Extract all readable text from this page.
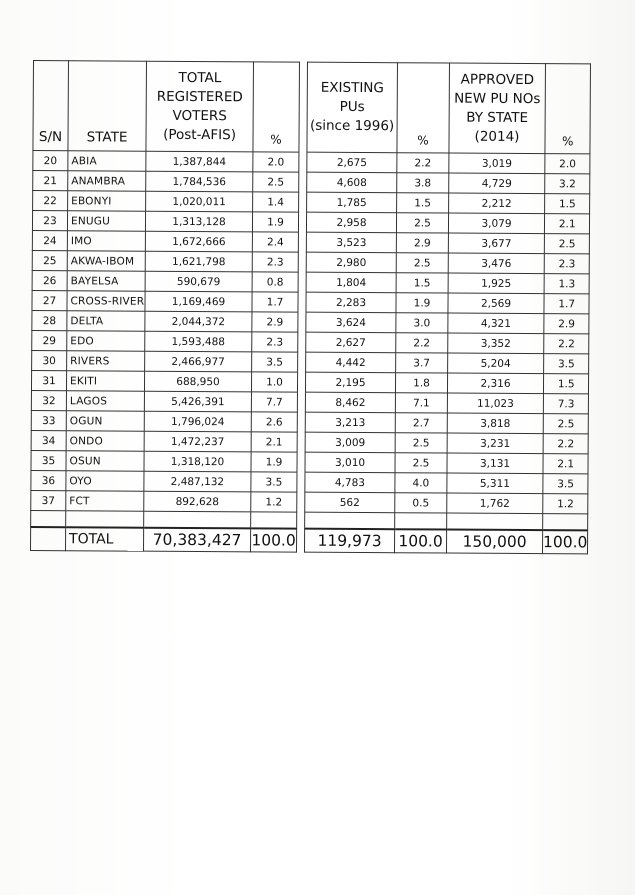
S/N	STATE	TOTAL
REGISTERED
VOTERS
(Post-AFIS)	%		EXISTING
PUs
(since 1996)	%	APPROVED
NEW PU NOs
BY STATE
(2014)	%
20	ABIA	1,387,844	2.0		2,675	2.2	3,019	2.0
21	ANAMBRA	1,784,536	2.5		4,608	3.8	4,729	3.2
22	EBONYI	1,020,011	1.4		1,785	1.5	2,212	1.5
23	ENUGU	1,313,128	1.9		2,958	2.5	3,079	2.1
24	IMO	1,672,666	2.4		3,523	2.9	3,677	2.5
25	AKWA-IBOM	1,621,798	2.3		2,980	2.5	3,476	2.3
26	BAYELSA	590,679	0.8		1,804	1.5	1,925	1.3
27	CROSS-RIVER	1,169,469	1.7		2,283	1.9	2,569	1.7
28	DELTA	2,044,372	2.9		3,624	3.0	4,321	2.9
29	EDO	1,593,488	2.3		2,627	2.2	3,352	2.2
30	RIVERS	2,466,977	3.5		4,442	3.7	5,204	3.5
31	EKITI	688,950	1.0		2,195	1.8	2,316	1.5
32	LAGOS	5,426,391	7.7		8,462	7.1	11,023	7.3
33	OGUN	1,796,024	2.6		3,213	2.7	3,818	2.5
34	ONDO	1,472,237	2.1		3,009	2.5	3,231	2.2
35	OSUN	1,318,120	1.9		3,010	2.5	3,131	2.1
36	OYO	2,487,132	3.5		4,783	4.0	5,311	3.5
37	FCT	892,628	1.2		562	0.5	1,762	1.2

	TOTAL	70,383,427	100.0		119,973	100.0	150,000	100.0
